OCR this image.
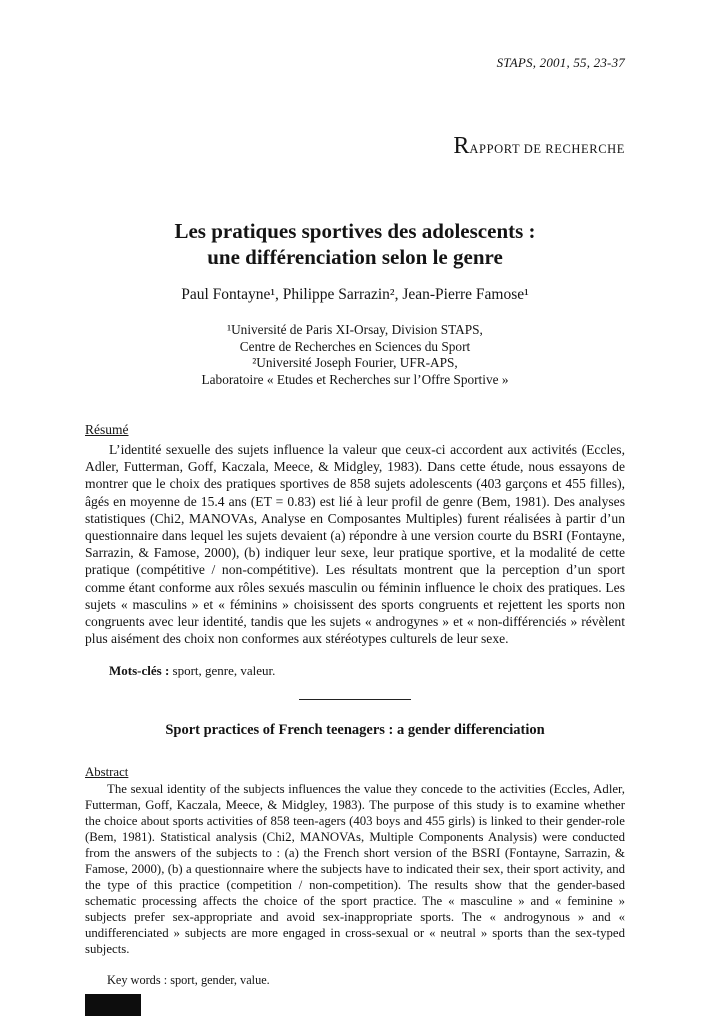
STAPS, 2001, 55, 23-37
RAPPORT DE RECHERCHE
Les pratiques sportives des adolescents :
une différenciation selon le genre
Paul Fontayne¹, Philippe Sarrazin², Jean-Pierre Famose¹
¹Université de Paris XI-Orsay, Division STAPS,
Centre de Recherches en Sciences du Sport
²Université Joseph Fourier, UFR-APS,
Laboratoire « Etudes et Recherches sur l’Offre Sportive »
Résumé
L’identité sexuelle des sujets influence la valeur que ceux-ci accordent aux activités (Eccles, Adler, Futterman, Goff, Kaczala, Meece, & Midgley, 1983). Dans cette étude, nous essayons de montrer que le choix des pratiques sportives de 858 sujets adolescents (403 garçons et 455 filles), âgés en moyenne de 15.4 ans (ET = 0.83) est lié à leur profil de genre (Bem, 1981). Des analyses statistiques (Chi2, MANOVAs, Analyse en Composantes Multiples) furent réalisées à partir d’un questionnaire dans lequel les sujets devaient (a) répondre à une version courte du BSRI (Fontayne, Sarrazin, & Famose, 2000), (b) indiquer leur sexe, leur pratique sportive, et la modalité de cette pratique (compétitive / non-compétitive). Les résultats montrent que la perception d’un sport comme étant conforme aux rôles sexués masculin ou féminin influence le choix des pratiques. Les sujets « masculins » et « féminins » choisissent des sports congruents et rejettent les sports non congruents avec leur identité, tandis que les sujets « androgynes » et « non-différenciés » révèlent plus aisément des choix non conformes aux stéréotypes culturels de leur sexe.
Mots-clés : sport, genre, valeur.
Sport practices of French teenagers : a gender differenciation
Abstract
The sexual identity of the subjects influences the value they concede to the activities (Eccles, Adler, Futterman, Goff, Kaczala, Meece, & Midgley, 1983). The purpose of this study is to examine whether the choice about sports activities of 858 teen-agers (403 boys and 455 girls) is linked to their gender-role (Bem, 1981). Statistical analysis (Chi2, MANOVAs, Multiple Components Analysis) were conducted from the answers of the subjects to : (a) the French short version of the BSRI (Fontayne, Sarrazin, & Famose, 2000), (b) a questionnaire where the subjects have to indicated their sex, their sport activity, and the type of this practice (competition / non-competition). The results show that the gender-based schematic processing affects the choice of the sport practice. The « masculine » and « feminine » subjects prefer sex-appropriate and avoid sex-inappropriate sports. The « androgynous » and « undifferenciated » subjects are more engaged in cross-sexual or « neutral » sports than the sex-typed subjects.
Key words : sport, gender, value.
